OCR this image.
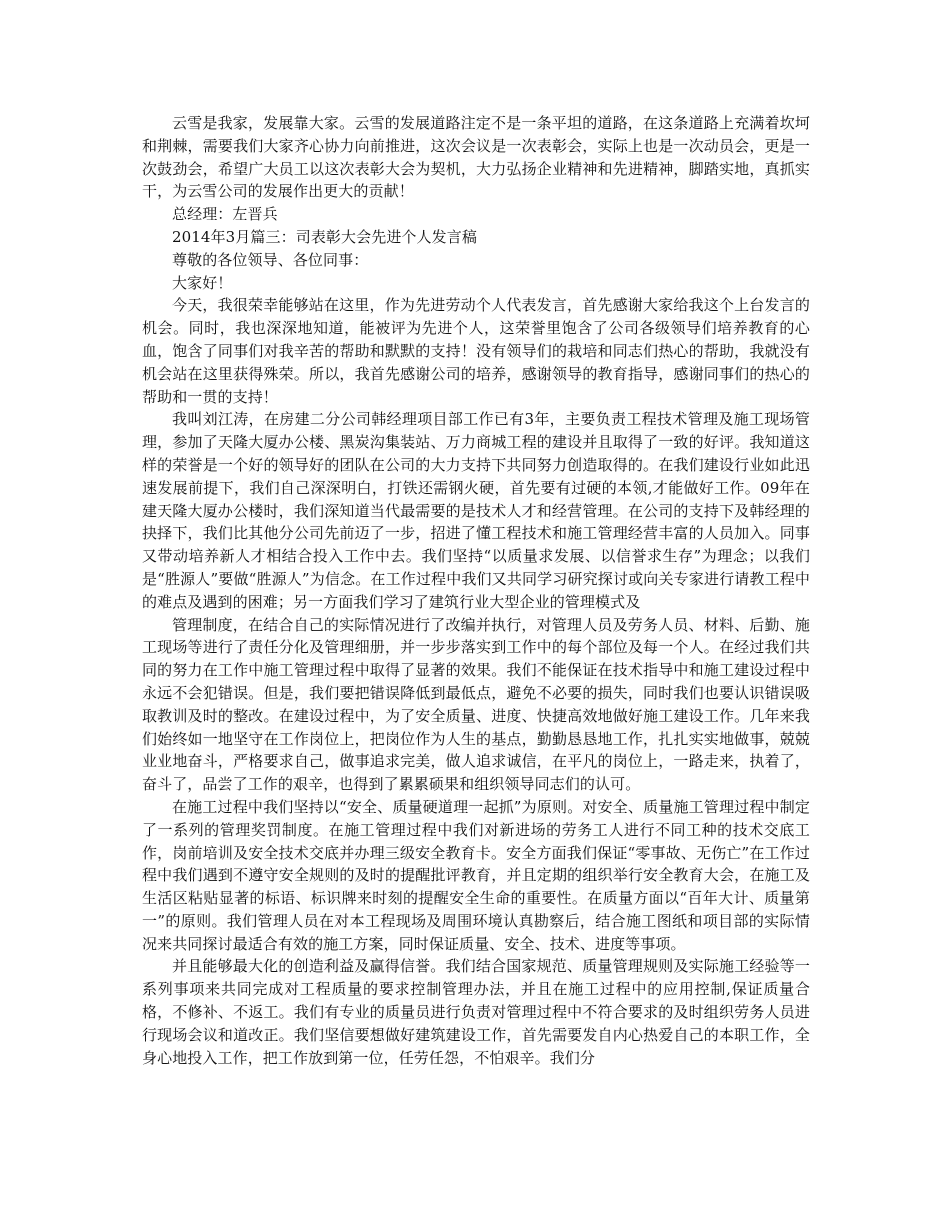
云雪是我家，发展靠大家。云雪的发展道路注定不是一条平坦的道路，在这条道路上充满着坎坷和荆棘，需要我们大家齐心协力向前推进，这次会议是一次表彰会，实际上也是一次动员会，更是一次鼓劲会，希望广大员工以这次表彰大会为契机，大力弘扬企业精神和先进精神，脚踏实地，真抓实干，为云雪公司的发展作出更大的贡献！

总经理：左晋兵

2014年3月篇三：司表彰大会先进个人发言稿

尊敬的各位领导、各位同事：

大家好！

今天，我很荣幸能够站在这里，作为先进劳动个人代表发言，首先感谢大家给我这个上台发言的机会。同时，我也深深地知道，能被评为先进个人，这荣誉里饱含了公司各级领导们培养教育的心血，饱含了同事们对我辛苦的帮助和默默的支持！没有领导们的栽培和同志们热心的帮助，我就没有机会站在这里获得殊荣。所以，我首先感谢公司的培养，感谢领导的教育指导，感谢同事们的热心的帮助和一贯的支持！

我叫刘江涛，在房建二分公司韩经理项目部工作已有3年，主要负责工程技术管理及施工现场管理，参加了天隆大厦办公楼、黑炭沟集装站、万力商城工程的建设并且取得了一致的好评。我知道这样的荣誉是一个好的领导好的团队在公司的大力支持下共同努力创造取得的。在我们建设行业如此迅速发展前提下，我们自己深深明白，打铁还需钢火硬，首先要有过硬的本领,才能做好工作。09年在建天隆大厦办公楼时，我们深知道当代最需要的是技术人才和经营管理。在公司的支持下及韩经理的抉择下，我们比其他分公司先前迈了一步，招进了懂工程技术和施工管理经营丰富的人员加入。同事又带动培养新人才相结合投入工作中去。我们坚持“以质量求发展、以信誉求生存”为理念；以我们是“胜源人”要做“胜源人”为信念。在工作过程中我们又共同学习研究探讨或向关专家进行请教工程中的难点及遇到的困难；另一方面我们学习了建筑行业大型企业的管理模式及

管理制度，在结合自己的实际情况进行了改编并执行，对管理人员及劳务人员、材料、后勤、施工现场等进行了责任分化及管理细册，并一步步落实到工作中的每个部位及每一个人。在经过我们共同的努力在工作中施工管理过程中取得了显著的效果。我们不能保证在技术指导中和施工建设过程中永远不会犯错误。但是，我们要把错误降低到最低点，避免不必要的损失，同时我们也要认识错误吸取教训及时的整改。在建设过程中，为了安全质量、进度、快捷高效地做好施工建设工作。几年来我们始终如一地坚守在工作岗位上，把岗位作为人生的基点，勤勤恳恳地工作，扎扎实实地做事，兢兢业业地奋斗，严格要求自己，做事追求完美，做人追求诚信，在平凡的岗位上，一路走来，执着了，奋斗了，品尝了工作的艰辛，也得到了累累硕果和组织领导同志们的认可。

在施工过程中我们坚持以“安全、质量硬道理一起抓”为原则。对安全、质量施工管理过程中制定了一系列的管理奖罚制度。在施工管理过程中我们对新进场的劳务工人进行不同工种的技术交底工作，岗前培训及安全技术交底并办理三级安全教育卡。安全方面我们保证“零事故、无伤亡”在工作过程中我们遇到不遵守安全规则的及时的提醒批评教育，并且定期的组织举行安全教育大会，在施工及生活区粘贴显著的标语、标识牌来时刻的提醒安全生命的重要性。在质量方面以“百年大计、质量第一”的原则。我们管理人员在对本工程现场及周围环境认真勘察后，结合施工图纸和项目部的实际情况来共同探讨最适合有效的施工方案，同时保证质量、安全、技术、进度等事项。

并且能够最大化的创造利益及赢得信誉。我们结合国家规范、质量管理规则及实际施工经验等一系列事项来共同完成对工程质量的要求控制管理办法，并且在施工过程中的应用控制,保证质量合格，不修补、不返工。我们有专业的质量员进行负责对管理过程中不符合要求的及时组织劳务人员进行现场会议和道改正。我们坚信要想做好建筑建设工作，首先需要发自内心热爱自己的本职工作，全身心地投入工作，把工作放到第一位，任劳任怨，不怕艰辛。我们分
